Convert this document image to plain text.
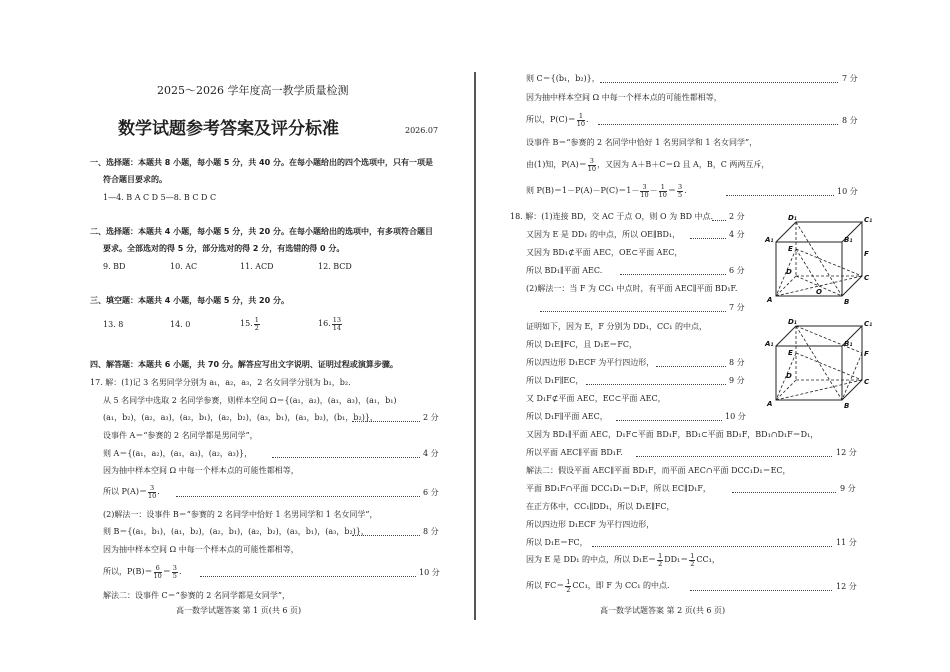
2025～2026 学年度高一教学质量检测
数学试题参考答案及评分标准	2026.07
一、选择题：本题共 8 小题，每小题 5 分，共 40 分。在每小题给出的四个选项中，只有一项是
符合题目要求的。
1—4. B A C D 5—8. B C D C
二、选择题：本题共 4 小题，每小题 5 分，共 20 分。在每小题给出的选项中，有多项符合题目
要求。全部选对的得 5 分，部分选对的得 2 分，有选错的得 0 分。
9. BD	10. AC	11. ACD	12. BCD
三、填空题：本题共 4 小题，每小题 5 分，共 20 分。
13. 8	14. 0	15. $\frac{1}{2}$	16. $\frac{13}{14}$
四、解答题：本题共 6 小题，共 70 分。解答应写出文字说明、证明过程或演算步骤。
17. 解：(1)记 3 名男同学分别为 a₁，a₂，a₃，2 名女同学分别为 b₁，b₂.
从 5 名同学中选取 2 名同学参赛，则样本空间 Ω＝{(a₁，a₂)，(a₁，a₃)，(a₁，b₁)
(a₁，b₂)，(a₂，a₃)，(a₂，b₁)，(a₂，b₂)，(a₃，b₁)，(a₃，b₂)，(b₁，b₂)}，	2 分
设事件 A＝“参赛的 2 名同学都是男同学”，
则 A＝{(a₁，a₂)，(a₁，a₃)，(a₂，a₃)}，	4 分
因为抽中样本空间 Ω 中每一个样本点的可能性都相等，
所以 $P(A)= \frac{3}{10}$ .	6 分
(2)解法一：设事件 B＝“参赛的 2 名同学中恰好 1 名男同学和 1 名女同学”，
则 B＝{(a₁，b₁)，(a₁，b₂)，(a₂，b₁)，(a₂，b₂)，(a₃，b₁)，(a₃，b₂)}，	8 分
因为抽中样本空间 Ω 中每一个样本点的可能性都相等，
所以，$P(B)= \frac{6}{10} = \frac{3}{5}$ .	10 分
解法二：设事件 C＝“参赛的 2 名同学都是女同学”，
高一数学试题答案 第 1 页(共 6 页)
则 C＝{(b₁，b₂)}，	7 分
因为抽中样本空间 Ω 中每一个样本点的可能性都相等，
所以，$P(C)= \frac{1}{10}$ .	8 分
设事件 B＝“参赛的 2 名同学中恰好 1 名男同学和 1 名女同学”，
由(1)知，$P(A)= \frac{3}{10}$ ，又因为 A＋B＋C＝Ω 且 A，B，C 两两互斥，
则 $P(B)=1-P(A)-P(C)=1- \frac{3}{10} - \frac{1}{10} = \frac{3}{5}$ .	10 分
18. 解：(1)连接 BD，交 AC 于点 O，则 O 为 BD 中点. 2 分
又因为 E 是 DD₁ 的中点，所以 OE∥BD₁，	4 分
又因为 BD₁⊄平面 AEC，OE⊂平面 AEC，
所以 BD₁∥平面 AEC.	6 分
(2)解法一：当 F 为 CC₁ 中点时，有平面 AEC∥平面 BD₁F.
7 分
证明如下，因为 E，F 分别为 DD₁，CC₁ 的中点，
所以 D₁E∥FC，且 D₁E＝FC，
所以四边形 D₁ECF 为平行四边形，	8 分
所以 D₁F∥EC，	9 分
又 D₁F⊄平面 AEC，EC⊂平面 AEC，
所以 D₁F∥平面 AEC，	10 分
又因为 BD₁∥平面 AEC，D₁F⊂平面 BD₁F，BD₁⊂平面 BD₁F，BD₁∩D₁F＝D₁，
所以平面 AEC∥平面 BD₁F.	12 分
解法二：假设平面 AEC∥平面 BD₁F，而平面 AEC∩平面 DCC₁D₁＝EC，
平面 BD₁F∩平面 DCC₁D₁＝D₁F，所以 EC∥D₁F，	9 分
在正方体中，CC₁∥DD₁，所以 D₁E∥FC，
所以四边形 D₁ECF 为平行四边形，
所以 D₁E＝FC，	11 分
因为 E 是 DD₁ 的中点，所以 $D_1E= \frac{1}{2} DD_1= \frac{1}{2} CC_1$，
所以 $FC= \frac{1}{2} CC_1$，即 F 为 CC₁ 的中点.	12 分
高一数学试题答案 第 2 页(共 6 页)
D₁	C₁
A₁	B₁
E
F
D
O
C
A	B
D₁	C₁
A₁	B₁
E	F
D
C
A	B
